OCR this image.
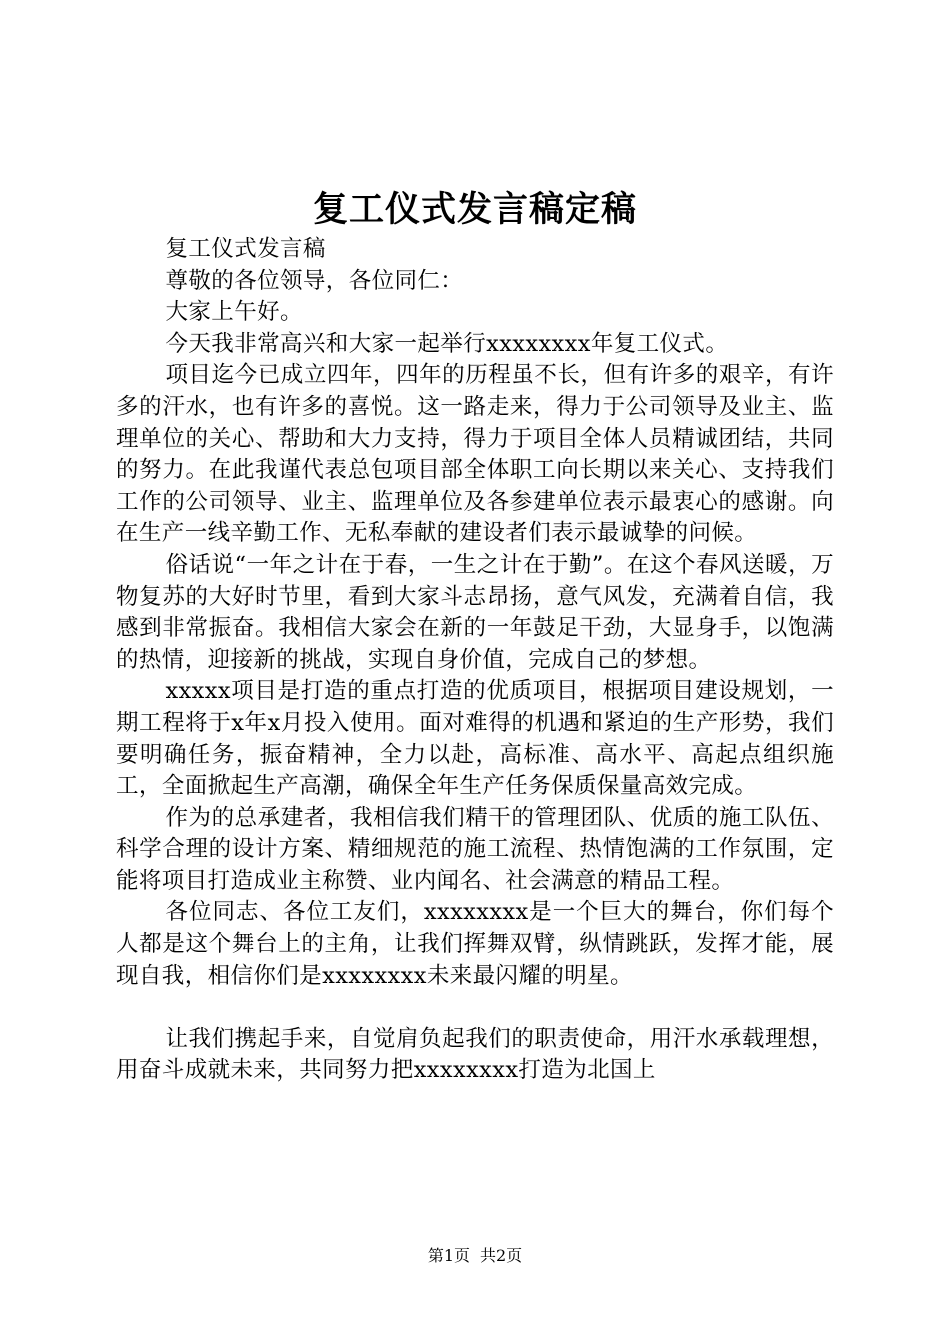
复工仪式发言稿定稿

复工仪式发言稿

尊敬的各位领导，各位同仁：

大家上午好。

今天我非常高兴和大家一起举行xxxxxxxx年复工仪式。

项目迄今已成立四年，四年的历程虽不长，但有许多的艰辛，有许多的汗水，也有许多的喜悦。这一路走来，得力于公司领导及业主、监理单位的关心、帮助和大力支持，得力于项目全体人员精诚团结，共同的努力。在此我谨代表总包项目部全体职工向长期以来关心、支持我们工作的公司领导、业主、监理单位及各参建单位表示最衷心的感谢。向在生产一线辛勤工作、无私奉献的建设者们表示最诚挚的问候。

俗话说“一年之计在于春，一生之计在于勤”。在这个春风送暖，万物复苏的大好时节里，看到大家斗志昂扬，意气风发，充满着自信，我感到非常振奋。我相信大家会在新的一年鼓足干劲，大显身手，以饱满的热情，迎接新的挑战，实现自身价值，完成自己的梦想。

xxxxx项目是打造的重点打造的优质项目，根据项目建设规划，一期工程将于x年x月投入使用。面对难得的机遇和紧迫的生产形势，我们要明确任务，振奋精神，全力以赴，高标准、高水平、高起点组织施工，全面掀起生产高潮，确保全年生产任务保质保量高效完成。

作为的总承建者，我相信我们精干的管理团队、优质的施工队伍、科学合理的设计方案、精细规范的施工流程、热情饱满的工作氛围，定能将项目打造成业主称赞、业内闻名、社会满意的精品工程。

各位同志、各位工友们，xxxxxxxx是一个巨大的舞台，你们每个人都是这个舞台上的主角，让我们挥舞双臂，纵情跳跃，发挥才能，展现自我，相信你们是xxxxxxxx未来最闪耀的明星。

让我们携起手来，自觉肩负起我们的职责使命，用汗水承载理想，用奋斗成就未来，共同努力把xxxxxxxx打造为北国上

第1页 共2页
